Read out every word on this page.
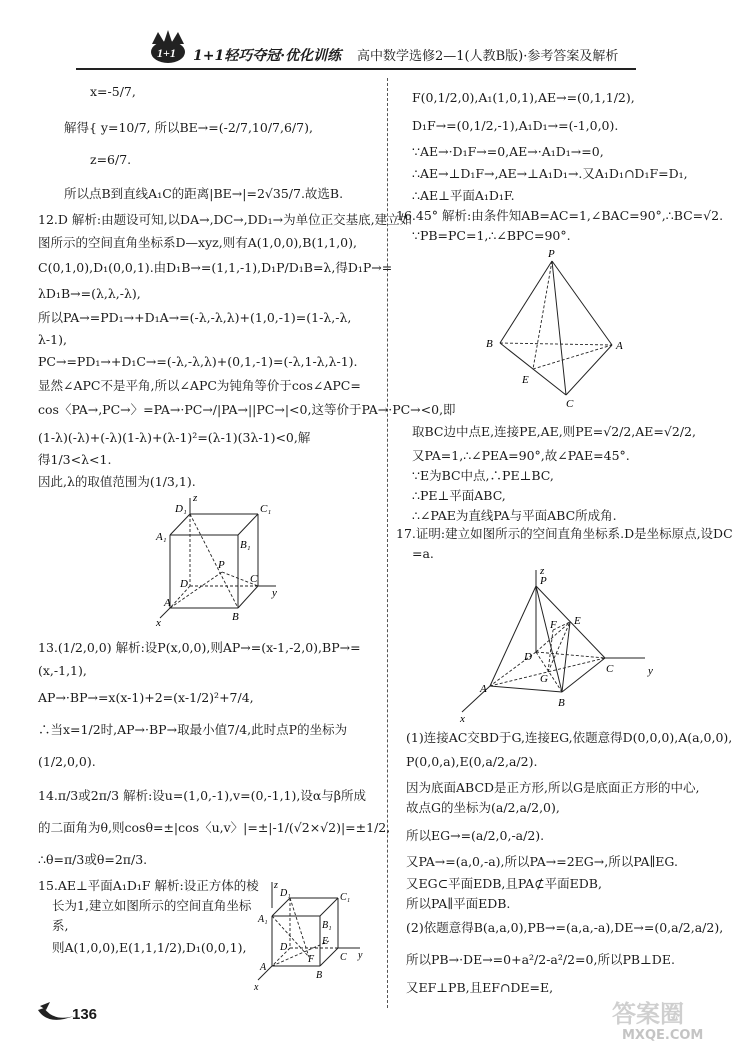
1+1 1+1轻巧夺冠·优化训练 高中数学选修2—1(人教B版)·参考答案及解析
x=-5/7,
解得{ y=10/7, 所以BE→=(-2/7,10/7,6/7),
z=6/7.
所以点B到直线A₁C的距离|BE→|=2√35/7.故选B.
12.D 解析:由题设可知,以DA→,DC→,DD₁→为单位正交基底,建立如
图所示的空间直角坐标系D—xyz,则有A(1,0,0),B(1,1,0),
C(0,1,0),D₁(0,0,1).由D₁B→=(1,1,-1),D₁P/D₁B=λ,得D₁P→=
λD₁B→=(λ,λ,-λ),
所以PA→=PD₁→+D₁A→=(-λ,-λ,λ)+(1,0,-1)=(1-λ,-λ,
λ-1),
PC→=PD₁→+D₁C→=(-λ,-λ,λ)+(0,1,-1)=(-λ,1-λ,λ-1).
显然∠APC不是平角,所以∠APC为钝角等价于cos∠APC=
cos〈PA→,PC→〉=PA→·PC→/|PA→||PC→|<0,这等价于PA→·PC→<0,即
(1-λ)(-λ)+(-λ)(1-λ)+(λ-1)²=(λ-1)(3λ-1)<0,解
得1/3<λ<1.
因此,λ的取值范围为(1/3,1).
13.(1/2,0,0) 解析:设P(x,0,0),则AP→=(x-1,-2,0),BP→=
(x,-1,1),
AP→·BP→=x(x-1)+2=(x-1/2)²+7/4,
∴当x=1/2时,AP→·BP→取最小值7/4,此时点P的坐标为
(1/2,0,0).
14.π/3或2π/3 解析:设u=(1,0,-1),v=(0,-1,1),设α与β所成
的二面角为θ,则cosθ=±|cos〈u,v〉|=±|-1/(√2×√2)|=±1/2,
∴θ=π/3或θ=2π/3.
15.AE⊥平面A₁D₁F 解析:设正方体的棱
长为1,建立如图所示的空间直角坐标
系,
则A(1,0,0),E(1,1,1/2),D₁(0,0,1),
F(0,1/2,0),A₁(1,0,1),AE→=(0,1,1/2),
D₁F→=(0,1/2,-1),A₁D₁→=(-1,0,0).
∵AE→·D₁F→=0,AE→·A₁D₁→=0,
∴AE→⊥D₁F→,AE→⊥A₁D₁→.又A₁D₁∩D₁F=D₁,
∴AE⊥平面A₁D₁F.
16.45° 解析:由条件知AB=AC=1,∠BAC=90°,∴BC=√2.
∵PB=PC=1,∴∠BPC=90°.
取BC边中点E,连接PE,AE,则PE=√2/2,AE=√2/2,
又PA=1,∴∠PEA=90°,故∠PAE=45°.
∵E为BC中点,∴PE⊥BC,
∴PE⊥平面ABC,
∴∠PAE为直线PA与平面ABC所成角.
17.证明:建立如图所示的空间直角坐标系.D是坐标原点,设DC
=a.
(1)连接AC交BD于G,连接EG,依题意得D(0,0,0),A(a,0,0),
P(0,0,a),E(0,a/2,a/2).
因为底面ABCD是正方形,所以G是底面正方形的中心,
故点G的坐标为(a/2,a/2,0),
所以EG→=(a/2,0,-a/2).
又PA→=(a,0,-a),所以PA→=2EG→,所以PA∥EG.
又EG⊂平面EDB,且PA⊄平面EDB,
所以PA∥平面EDB.
(2)依题意得B(a,a,0),PB→=(a,a,-a),DE→=(0,a/2,a/2),
所以PB→·DE→=0+a²/2-a²/2=0,所以PB⊥DE.
又EF⊥PB,且EF∩DE=E,
z
D₁	C₁
A₁
B₁
P
D	C
y
A
B
x
P
B	A
E
C
z
P
F E
D
C
G
A
B
y
x
z
D₁	C₁
A₁
B₁
E
D
F	C
A
B
y
x
136	答案圈
MXQE.COM
